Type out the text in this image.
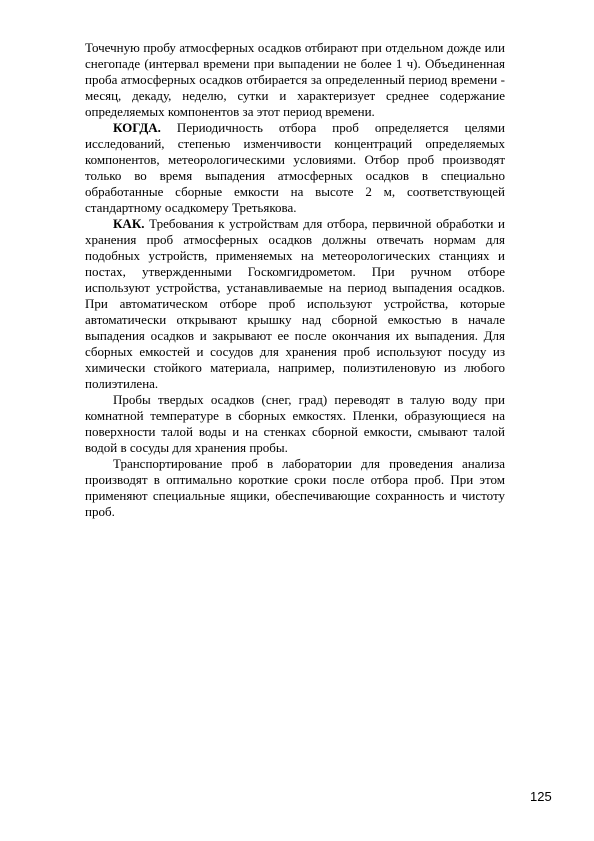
Точечную пробу атмосферных осадков отбирают при отдельном дожде или снегопаде (интервал времени при выпадении не более 1 ч). Объединенная проба атмосферных осадков отбирается за определенный период времени - месяц, декаду, неделю, сутки и характеризует среднее содержание определяемых компонентов за этот период времени.

КОГДА. Периодичность отбора проб определяется целями исследований, степенью изменчивости концентраций определяемых компонентов, метеорологическими условиями. Отбор проб производят только во время выпадения атмосферных осадков в специально обработанные сборные емкости на высоте 2 м, соответствующей стандартному осадкомеру Третьякова.

КАК. Требования к устройствам для отбора, первичной обработки и хранения проб атмосферных осадков должны отвечать нормам для подобных устройств, применяемых на метеорологических станциях и постах, утвержденными Госкомгидрометом. При ручном отборе используют устройства, устанавливаемые на период выпадения осадков. При автоматическом отборе проб используют устройства, которые автоматически открывают крышку над сборной емкостью в начале выпадения осадков и закрывают ее после окончания их выпадения. Для сборных емкостей и сосудов для хранения проб используют посуду из химически стойкого материала, например, полиэтиленовую из любого полиэтилена.

Пробы твердых осадков (снег, град) переводят в талую воду при комнатной температуре в сборных емкостях. Пленки, образующиеся на поверхности талой воды и на стенках сборной емкости, смывают талой водой в сосуды для хранения пробы.

Транспортирование проб в лаборатории для проведения анализа производят в оптимально короткие сроки после отбора проб. При этом применяют специальные ящики, обеспечивающие сохранность и чистоту проб.

125
